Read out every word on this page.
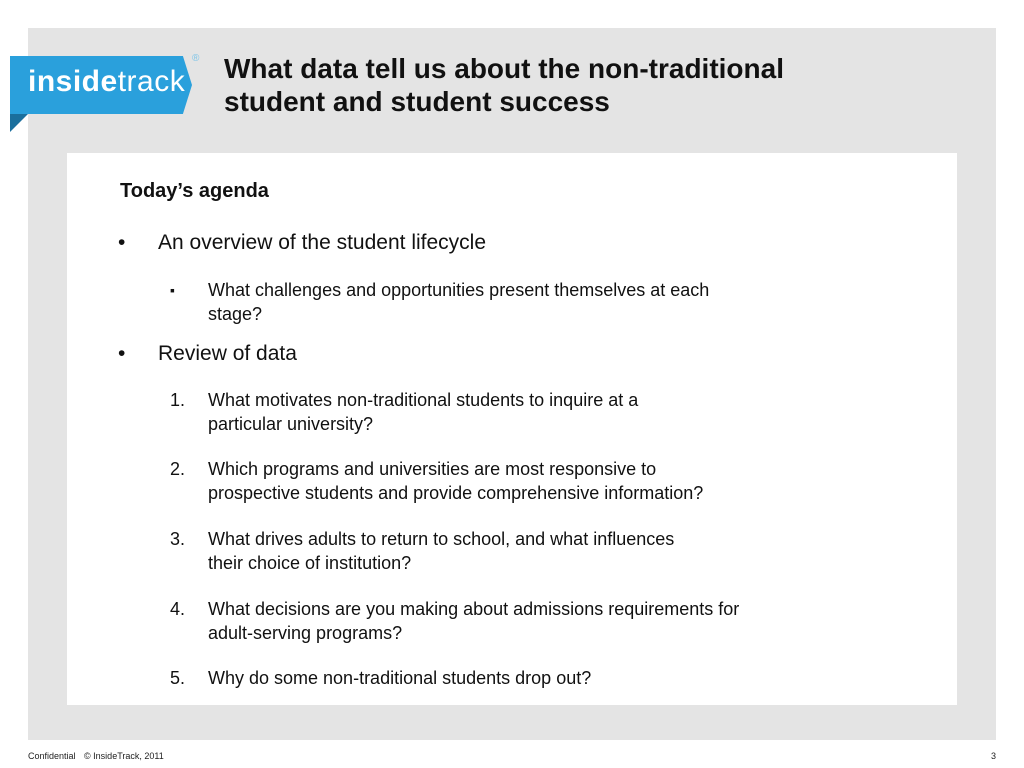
insidetrack
® What data tell us about the non-traditional
student and student success
Today’s agenda
• An overview of the student lifecycle
▪ What challenges and opportunities present themselves at each
stage?
• Review of data
1. What motivates non-traditional students to inquire at a
particular university?
2. Which programs and universities are most responsive to
prospective students and provide comprehensive information?
3. What drives adults to return to school, and what influences
their choice of institution?
4. What decisions are you making about admissions requirements for
adult-serving programs?
5. Why do some non-traditional students drop out?
Confidential © InsideTrack, 2011	3
